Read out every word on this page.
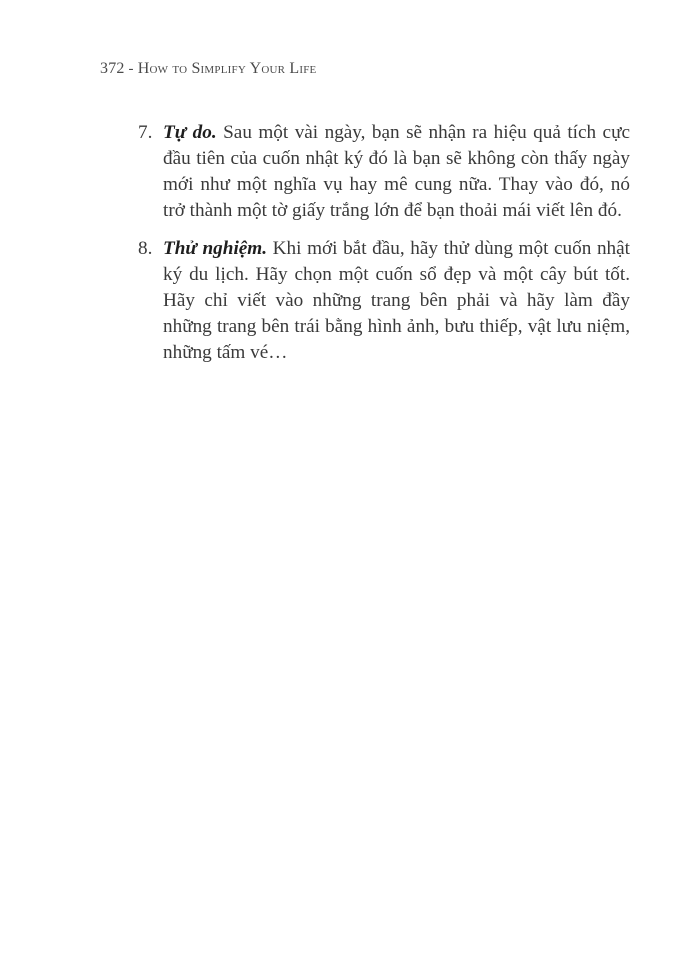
372 - How to Simplify Your Life
7. Tự do. Sau một vài ngày, bạn sẽ nhận ra hiệu quả tích cực đầu tiên của cuốn nhật ký đó là bạn sẽ không còn thấy ngày mới như một nghĩa vụ hay mê cung nữa. Thay vào đó, nó trở thành một tờ giấy trắng lớn để bạn thoải mái viết lên đó.
8. Thử nghiệm. Khi mới bắt đầu, hãy thử dùng một cuốn nhật ký du lịch. Hãy chọn một cuốn sổ đẹp và một cây bút tốt. Hãy chỉ viết vào những trang bên phải và hãy làm đầy những trang bên trái bằng hình ảnh, bưu thiếp, vật lưu niệm, những tấm vé…
